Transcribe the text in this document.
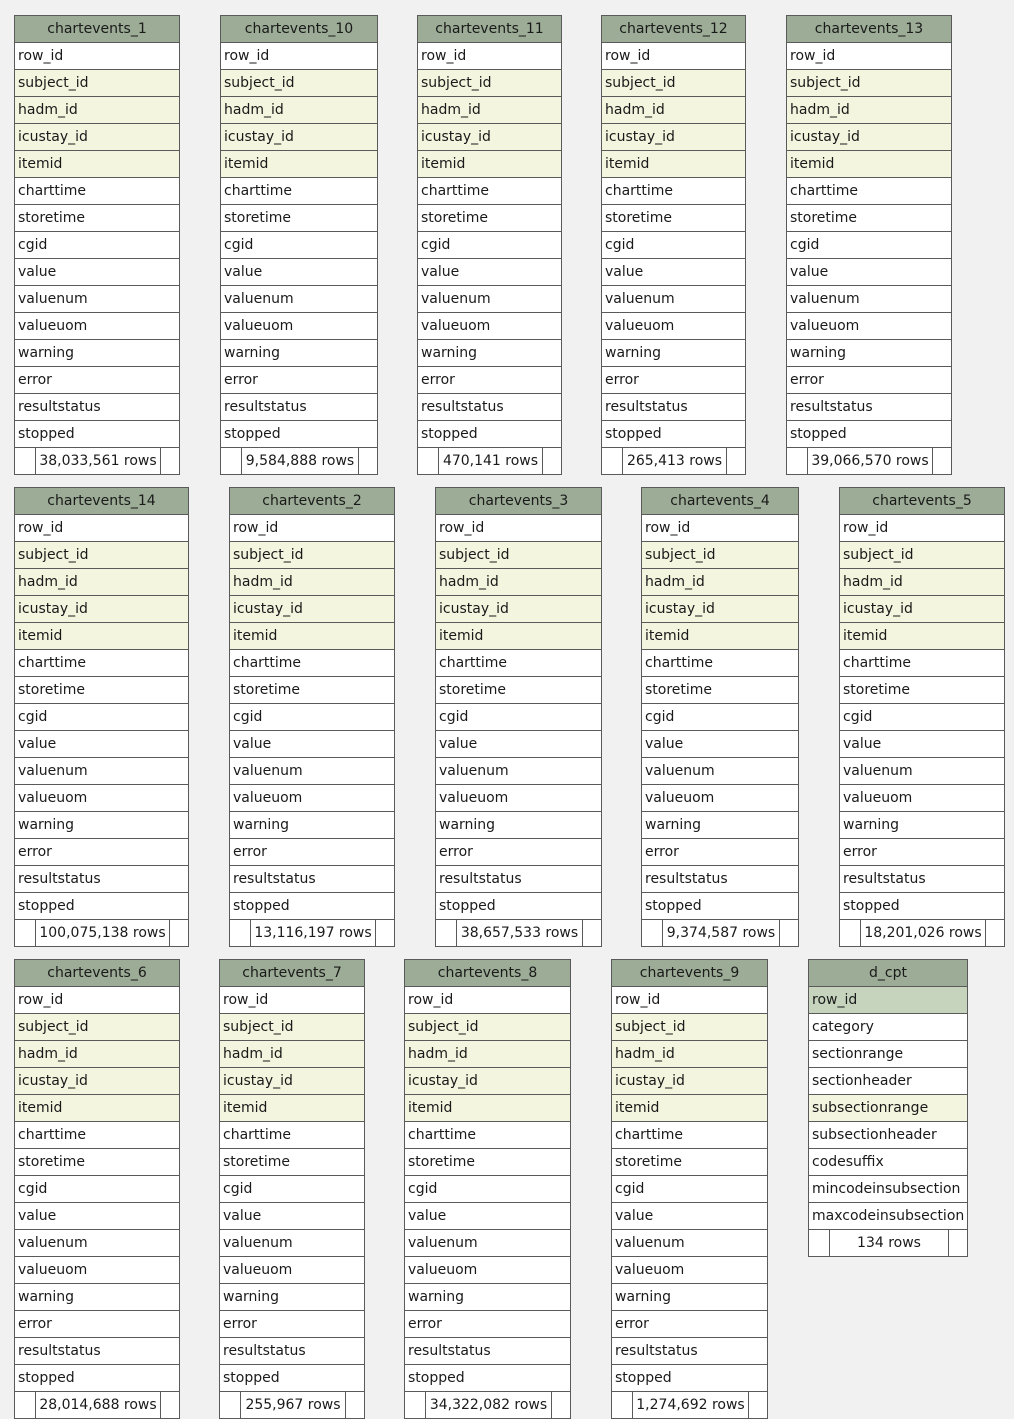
chartevents_1
row_id
subject_id
hadm_id
icustay_id
itemid
charttime
storetime
cgid
value
valuenum
valueuom
warning
error
resultstatus
stopped
38,033,561 rows
chartevents_10
row_id
subject_id
hadm_id
icustay_id
itemid
charttime
storetime
cgid
value
valuenum
valueuom
warning
error
resultstatus
stopped
9,584,888 rows
chartevents_11
row_id
subject_id
hadm_id
icustay_id
itemid
charttime
storetime
cgid
value
valuenum
valueuom
warning
error
resultstatus
stopped
470,141 rows
chartevents_12
row_id
subject_id
hadm_id
icustay_id
itemid
charttime
storetime
cgid
value
valuenum
valueuom
warning
error
resultstatus
stopped
265,413 rows
chartevents_13
row_id
subject_id
hadm_id
icustay_id
itemid
charttime
storetime
cgid
value
valuenum
valueuom
warning
error
resultstatus
stopped
39,066,570 rows
chartevents_14
row_id
subject_id
hadm_id
icustay_id
itemid
charttime
storetime
cgid
value
valuenum
valueuom
warning
error
resultstatus
stopped
100,075,138 rows
chartevents_2
row_id
subject_id
hadm_id
icustay_id
itemid
charttime
storetime
cgid
value
valuenum
valueuom
warning
error
resultstatus
stopped
13,116,197 rows
chartevents_3
row_id
subject_id
hadm_id
icustay_id
itemid
charttime
storetime
cgid
value
valuenum
valueuom
warning
error
resultstatus
stopped
38,657,533 rows
chartevents_4
row_id
subject_id
hadm_id
icustay_id
itemid
charttime
storetime
cgid
value
valuenum
valueuom
warning
error
resultstatus
stopped
9,374,587 rows
chartevents_5
row_id
subject_id
hadm_id
icustay_id
itemid
charttime
storetime
cgid
value
valuenum
valueuom
warning
error
resultstatus
stopped
18,201,026 rows
chartevents_6
row_id
subject_id
hadm_id
icustay_id
itemid
charttime
storetime
cgid
value
valuenum
valueuom
warning
error
resultstatus
stopped
28,014,688 rows
chartevents_7
row_id
subject_id
hadm_id
icustay_id
itemid
charttime
storetime
cgid
value
valuenum
valueuom
warning
error
resultstatus
stopped
255,967 rows
chartevents_8
row_id
subject_id
hadm_id
icustay_id
itemid
charttime
storetime
cgid
value
valuenum
valueuom
warning
error
resultstatus
stopped
34,322,082 rows
chartevents_9
row_id
subject_id
hadm_id
icustay_id
itemid
charttime
storetime
cgid
value
valuenum
valueuom
warning
error
resultstatus
stopped
1,274,692 rows
d_cpt
row_id
category
sectionrange
sectionheader
subsectionrange
subsectionheader
codesuffix
mincodeinsubsection
maxcodeinsubsection
134 rows
